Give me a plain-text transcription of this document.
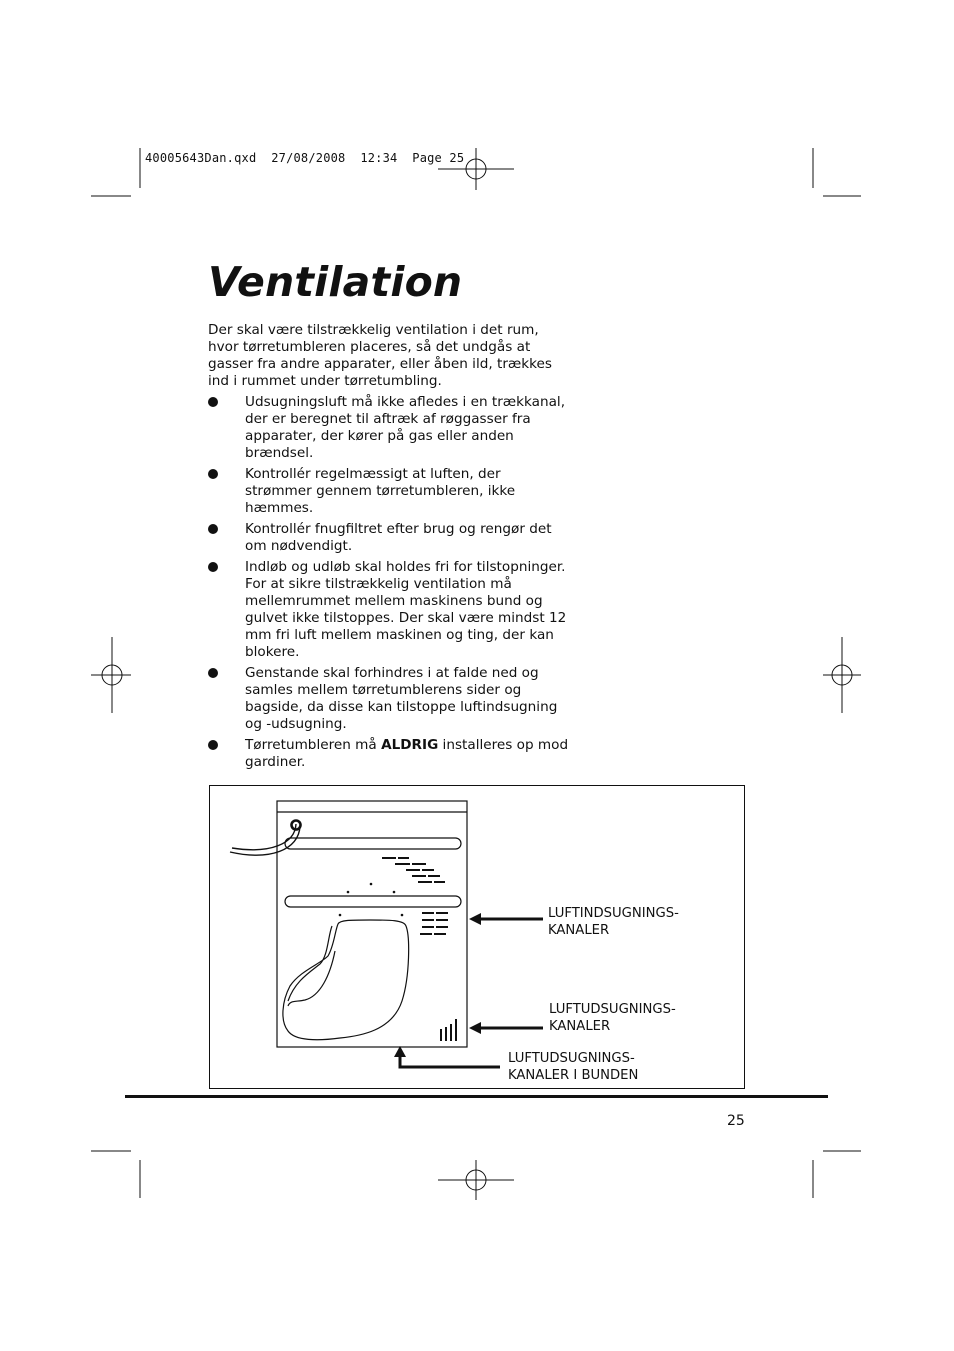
40005643Dan.qxd  27/08/2008  12:34  Page 25
Ventilation

Der skal være tilstrækkelig ventilation i det rum, hvor tørretumbleren placeres, så det undgås at gasser fra andre apparater, eller åben ild, trækkes ind i rummet under tørretumbling.

Udsugningsluft må ikke afledes i en trækkanal, der er beregnet til aftræk af røggasser fra apparater, der kører på gas eller anden brændsel.
Kontrollér regelmæssigt at luften, der strømmer gennem tørretumbleren, ikke hæmmes.
Kontrollér fnugfiltret efter brug og rengør det om nødvendigt.
Indløb og udløb skal holdes fri for tilstopninger. For at sikre tilstrækkelig ventilation må mellemrummet mellem maskinens bund og gulvet ikke tilstoppes. Der skal være mindst 12 mm fri luft mellem maskinen og ting, der kan blokere.
Genstande skal forhindres i at falde ned og samles mellem tørretumblerens sider og bagside, da disse kan tilstoppe luftindsugning og -udsugning.
Tørretumbleren må ALDRIG installeres op mod gardiner.
LUFTINDSUGNINGS-
KANALER
LUFTUDSUGNINGS-
KANALER
LUFTUDSUGNINGS-
KANALER I BUNDEN
25
